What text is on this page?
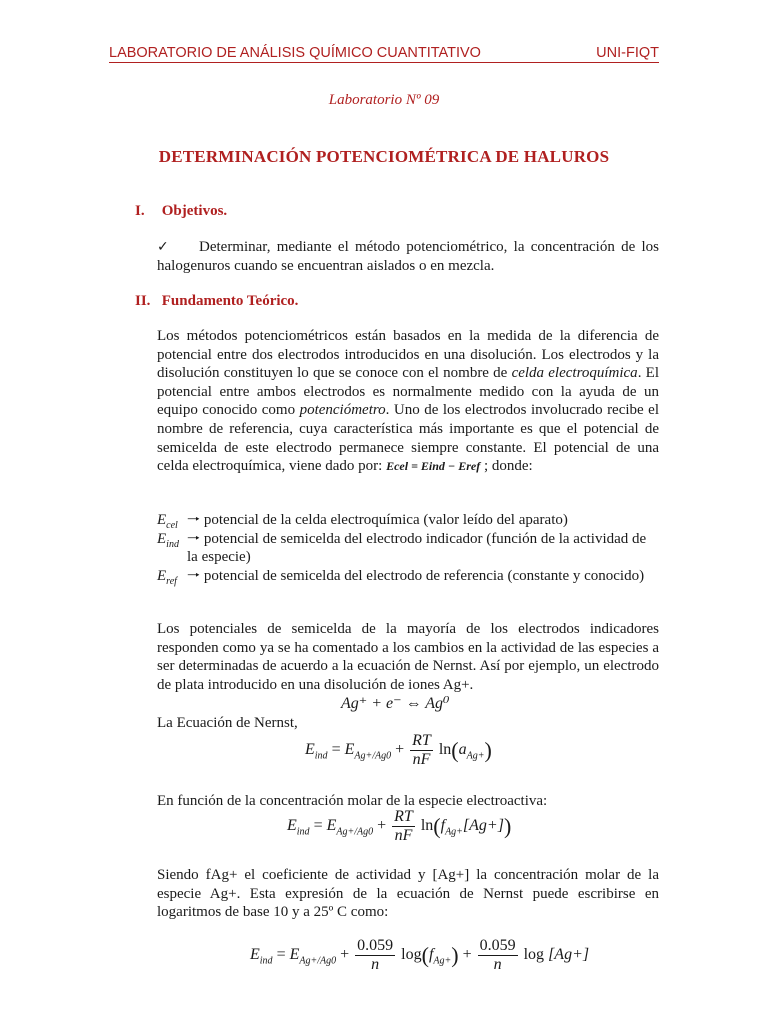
LABORATORIO DE ANÁLISIS QUÍMICO CUANTITATIVO	UNI-FIQT
Laboratorio Nº 09
DETERMINACIÓN POTENCIOMÉTRICA DE HALUROS
I. Objetivos.
✓ Determinar, mediante el método potenciométrico, la concentración de los halogenuros cuando se encuentran aislados o en mezcla.
II. Fundamento Teórico.
Los métodos potenciométricos están basados en la medida de la diferencia de potencial entre dos electrodos introducidos en una disolución. Los electrodos y la disolución constituyen lo que se conoce con el nombre de celda electroquímica. El potencial entre ambos electrodos es normalmente medido con la ayuda de un equipo conocido como potenciómetro. Uno de los electrodos involucrado recibe el nombre de referencia, cuya característica más importante es que el potencial de semicelda de este electrodo permanece siempre constante. El potencial de una celda electroquímica, viene dado por: Ecel = Eind − Eref ; donde:

$E_{cel}$ 🠒 potencial de la celda electroquímica (valor leído del aparato)

$E_{ind}$ 🠒 potencial de semicelda del electrodo indicador (función de la actividad de la especie)

$E_{ref}$ 🠒 potencial de semicelda del electrodo de referencia (constante y conocido)

Los potenciales de semicelda de la mayoría de los electrodos indicadores responden como ya se ha comentado a los cambios en la actividad de las especies a ser determinadas de acuerdo a la ecuación de Nernst. Así por ejemplo, un electrodo de plata introducido en una disolución de iones Ag+.
Ag⁺ + e⁻ ⇔ Ag⁰
La Ecuación de Nernst,
$E_{ind} = E_{Ag+/Ag0} + \frac{RT}{nF} \ln(a_{Ag+})$
En función de la concentración molar de la especie electroactiva:
$E_{ind} = E_{Ag+/Ag0} + \frac{RT}{nF} \ln(f_{Ag+}[Ag+])$
Siendo fAg+ el coeficiente de actividad y [Ag+] la concentración molar de la especie Ag+. Esta expresión de la ecuación de Nernst puede escribirse en logaritmos de base 10 y a 25º C como:
$E_{ind} = E_{Ag+/Ag0} + \frac{0.059}{n} \log(f_{Ag+}) + \frac{0.059}{n}$ log [Ag+]
